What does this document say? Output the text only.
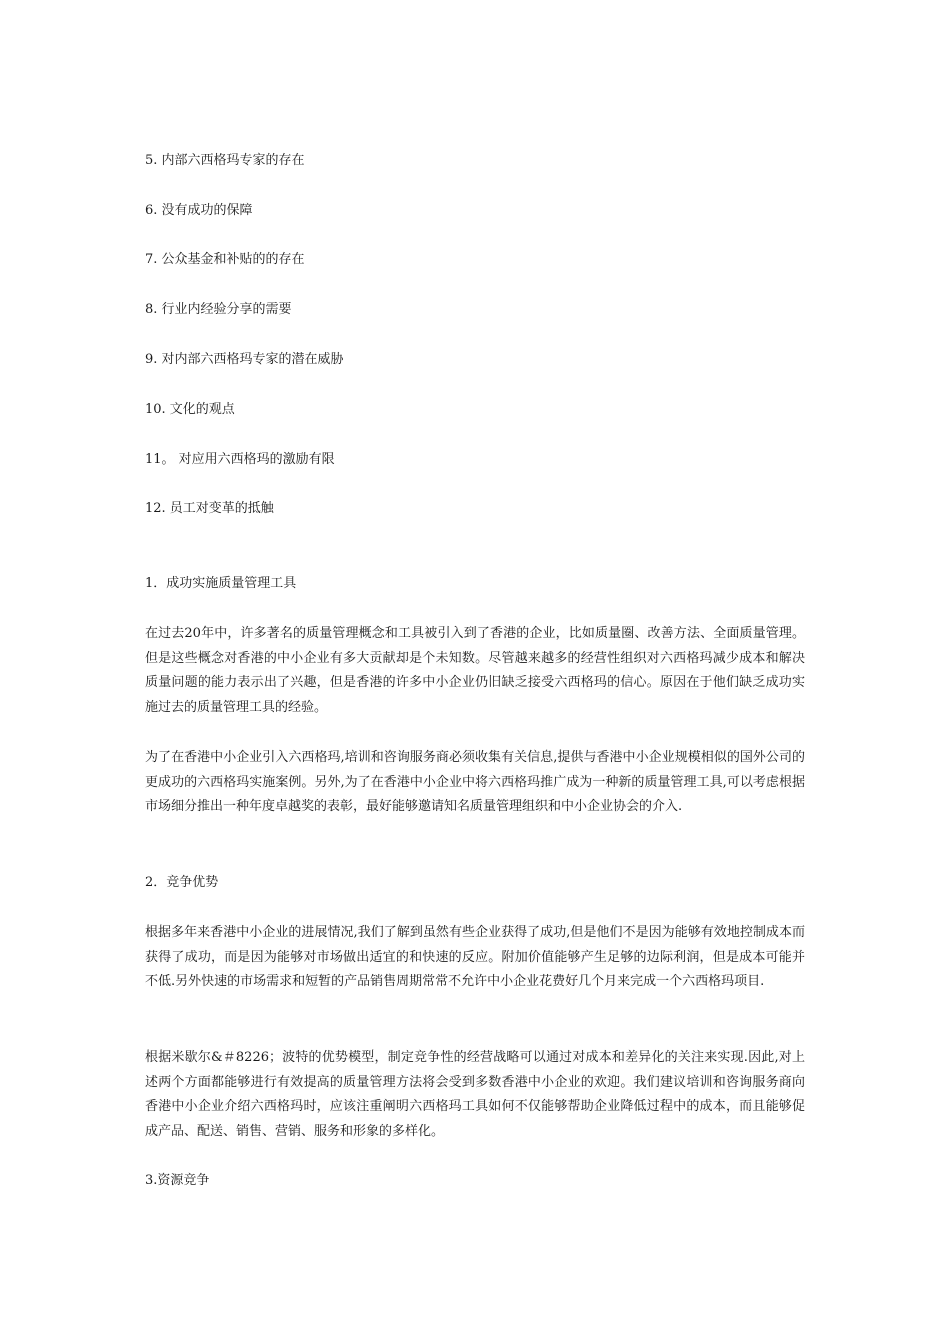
5. 内部六西格玛专家的存在
6. 没有成功的保障
7. 公众基金和补贴的的存在
8. 行业内经验分享的需要
9. 对内部六西格玛专家的潜在威胁
10. 文化的观点
11。 对应用六西格玛的激励有限
12. 员工对变革的抵触
1．成功实施质量管理工具
在过去20年中，许多著名的质量管理概念和工具被引入到了香港的企业，比如质量圈、改善方法、全面质量管理。但是这些概念对香港的中小企业有多大贡献却是个未知数。尽管越来越多的经营性组织对六西格玛减少成本和解决质量问题的能力表示出了兴趣，但是香港的许多中小企业仍旧缺乏接受六西格玛的信心。原因在于他们缺乏成功实施过去的质量管理工具的经验。
为了在香港中小企业引入六西格玛,培训和咨询服务商必须收集有关信息,提供与香港中小企业规模相似的国外公司的更成功的六西格玛实施案例。另外,为了在香港中小企业中将六西格玛推广成为一种新的质量管理工具,可以考虑根据市场细分推出一种年度卓越奖的表彰，最好能够邀请知名质量管理组织和中小企业协会的介入.
2．竞争优势
根据多年来香港中小企业的进展情况,我们了解到虽然有些企业获得了成功,但是他们不是因为能够有效地控制成本而获得了成功，而是因为能够对市场做出适宜的和快速的反应。附加价值能够产生足够的边际利润，但是成本可能并不低.另外快速的市场需求和短暂的产品销售周期常常不允许中小企业花费好几个月来完成一个六西格玛项目.
根据米歇尔&＃8226；波特的优势模型，制定竞争性的经营战略可以通过对成本和差异化的关注来实现.因此,对上述两个方面都能够进行有效提高的质量管理方法将会受到多数香港中小企业的欢迎。我们建议培训和咨询服务商向香港中小企业介绍六西格玛时，应该注重阐明六西格玛工具如何不仅能够帮助企业降低过程中的成本，而且能够促成产品、配送、销售、营销、服务和形象的多样化。
3.资源竞争
